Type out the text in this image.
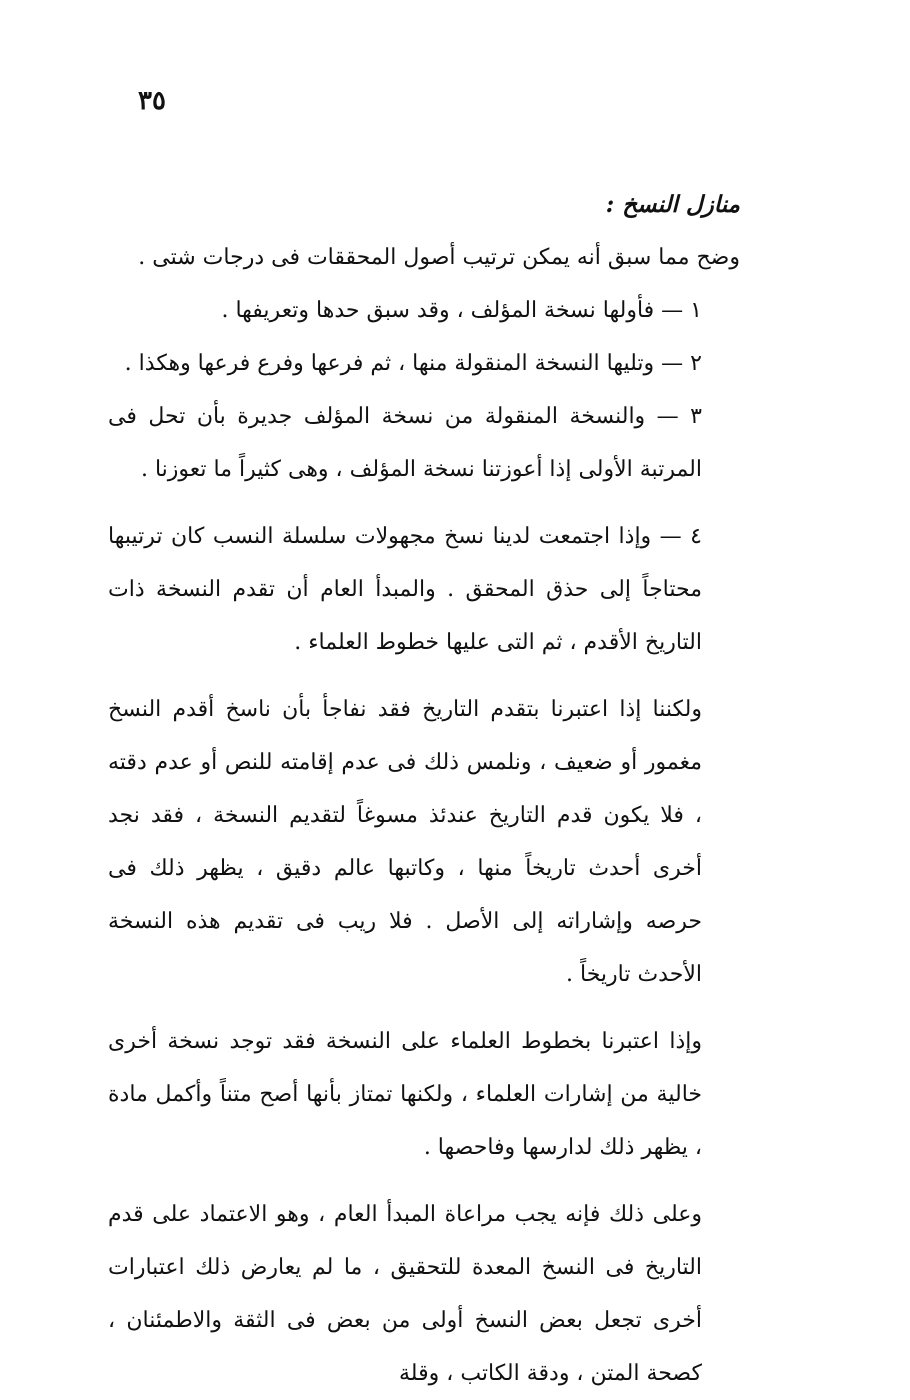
٣٥

منازل النسخ :

وضح مما سبق أنه يمكن ترتيب أصول المحققات فى درجات شتى .

١ — فأولها نسخة المؤلف ، وقد سبق حدها وتعريفها .

٢ — وتليها النسخة المنقولة منها ، ثم فرعها وفرع فرعها وهكذا .

٣ — والنسخة المنقولة من نسخة المؤلف جديرة بأن تحل فى المرتبة الأولى إذا أعوزتنا نسخة المؤلف ، وهى كثيراً ما تعوزنا .

٤ — وإذا اجتمعت لدينا نسخ مجهولات سلسلة النسب كان ترتيبها محتاجاً إلى حذق المحقق . والمبدأ العام أن تقدم النسخة ذات التاريخ الأقدم ، ثم التى عليها خطوط العلماء .

ولكننا إذا اعتبرنا بتقدم التاريخ فقد نفاجأ بأن ناسخ أقدم النسخ مغمور أو ضعيف ، ونلمس ذلك فى عدم إقامته للنص أو عدم دقته ، فلا يكون قدم التاريخ عندئذ مسوغاً لتقديم النسخة ، فقد نجد أخرى أحدث تاريخاً منها ، وكاتبها عالم دقيق ، يظهر ذلك فى حرصه وإشاراته إلى الأصل . فلا ريب فى تقديم هذه النسخة الأحدث تاريخاً .

وإذا اعتبرنا بخطوط العلماء على النسخة فقد توجد نسخة أخرى خالية من إشارات العلماء ، ولكنها تمتاز بأنها أصح متناً وأكمل مادة ، يظهر ذلك لدارسها وفاحصها .

وعلى ذلك فإنه يجب مراعاة المبدأ العام ، وهو الاعتماد على قدم التاريخ فى النسخ المعدة للتحقيق ، ما لم يعارض ذلك اعتبارات أخرى تجعل بعض النسخ أولى من بعض فى الثقة والاطمئنان ، كصحة المتن ، ودقة الكاتب ، وقلة
